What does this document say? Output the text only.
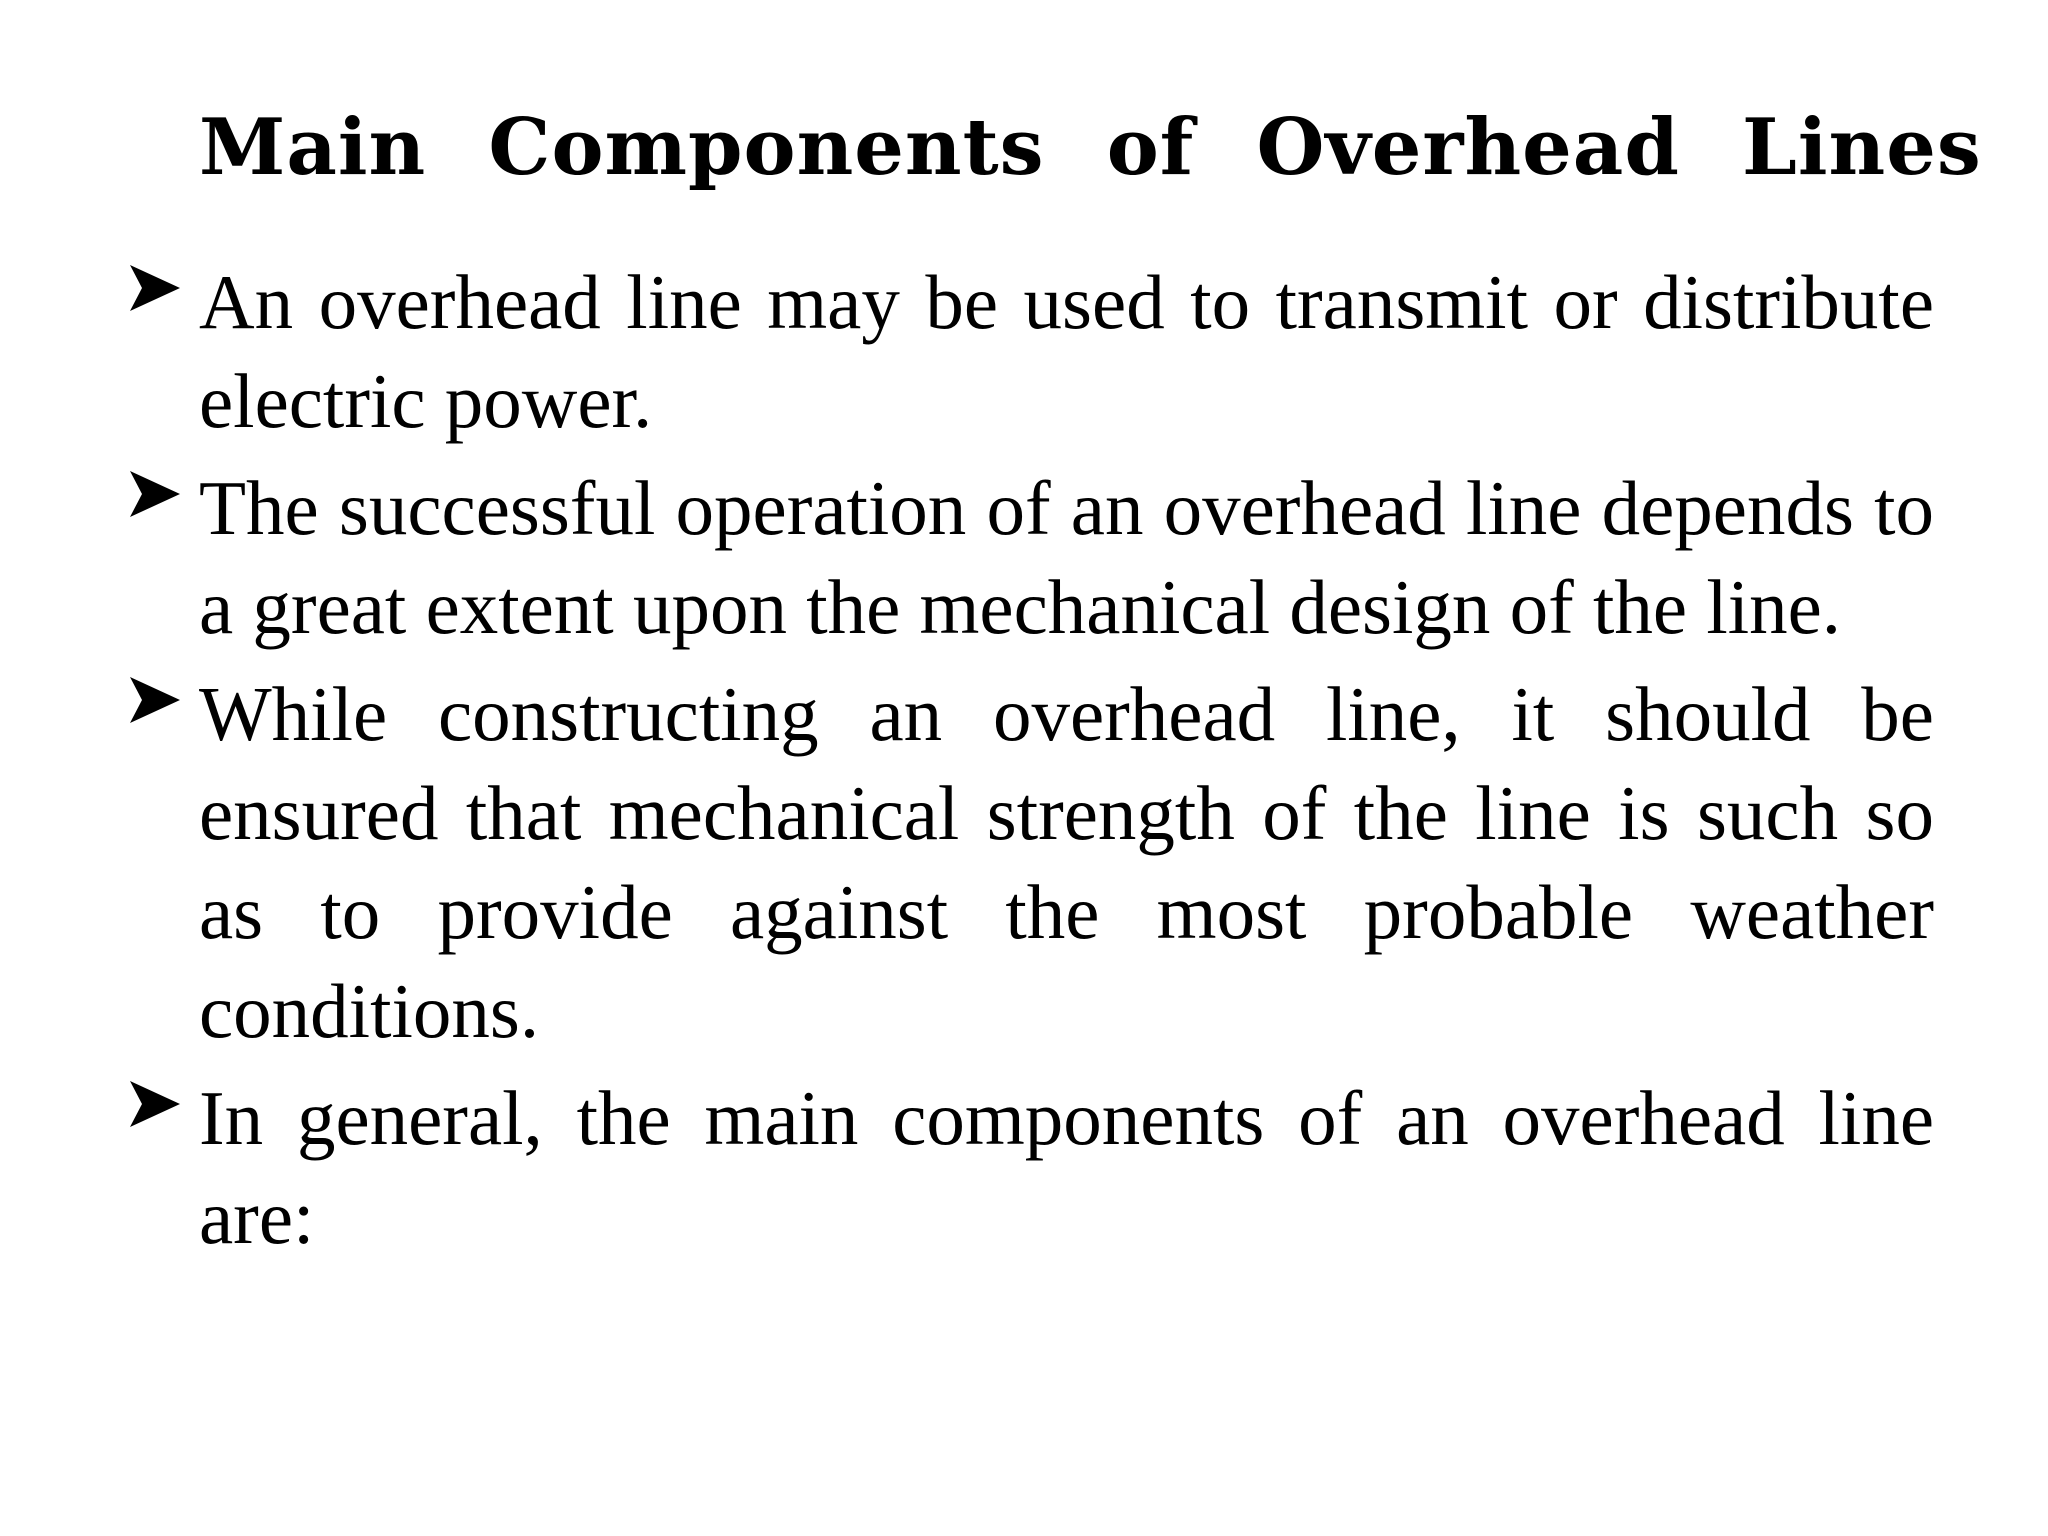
Main Components of Overhead Lines
An overhead line may be used to transmit or distribute electric power.
The successful operation of an overhead line depends to a great extent upon the mechanical design of the line.
While constructing an overhead line, it should be ensured that mechanical strength of the line is such so as to provide against the most probable weather conditions.
In general, the main components of an overhead line are:
